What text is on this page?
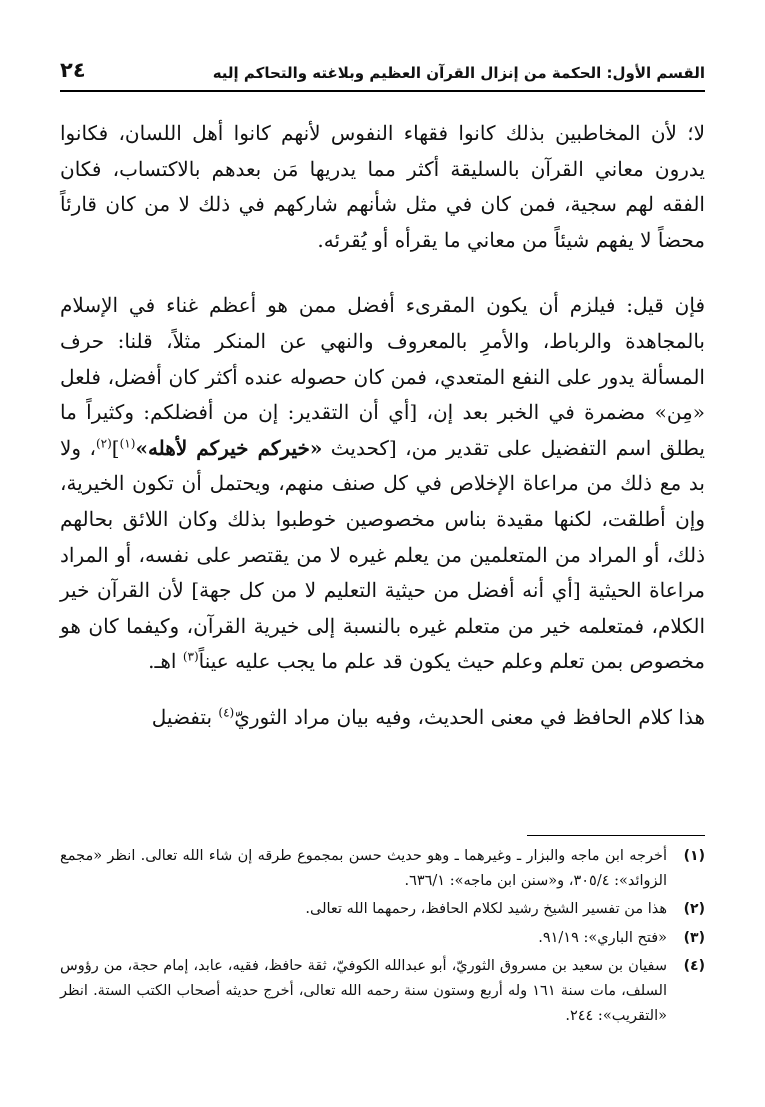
القسم الأول: الحكمة من إنزال القرآن العظيم وبلاغته والتحاكم إليه
٢٤

لا؛ لأن المخاطبين بذلك كانوا فقهاء النفوس لأنهم كانوا أهل اللسان، فكانوا يدرون معاني القرآن بالسليقة أكثر مما يدريها مَن بعدهم بالاكتساب، فكان الفقه لهم سجية، فمن كان في مثل شأنهم شاركهم في ذلك لا من كان قارئاً محضاً لا يفهم شيئاً من معاني ما يقرأه أو يُقرئه.

فإن قيل: فيلزم أن يكون المقرىء أفضل ممن هو أعظم غناء في الإسلام بالمجاهدة والرباط، والأمرِ بالمعروف والنهي عن المنكر مثلاً، قلنا: حرف المسألة يدور على النفع المتعدي، فمن كان حصوله عنده أكثر كان أفضل، فلعل «مِن» مضمرة في الخبر بعد إن، [أي أن التقدير: إن من أفضلكم: وكثيراً ما يطلق اسم التفضيل على تقدير من، [كحديث «خيركم خيركم لأهله»$^{(١)}$]$^{(٢)}$، ولا بد مع ذلك من مراعاة الإخلاص في كل صنف منهم، ويحتمل أن تكون الخيرية، وإن أطلقت، لكنها مقيدة بناس مخصوصين خوطبوا بذلك وكان اللائق بحالهم ذلك، أو المراد من المتعلمين من يعلم غيره لا من يقتصر على نفسه، أو المراد مراعاة الحيثية [أي أنه أفضل من حيثية التعليم لا من كل جهة] لأن القرآن خير الكلام، فمتعلمه خير من متعلم غيره بالنسبة إلى خيرية القرآن، وكيفما كان هو مخصوص بمن تعلم وعلم حيث يكون قد علم ما يجب عليه عيناً$^{(٣)}$ اهـ.

هذا كلام الحافظ في معنى الحديث، وفيه بيان مراد الثوريّ$^{(٤)}$ بتفضيل

(١)
أخرجه ابن ماجه والبزار ـ وغيرهما ـ وهو حديث حسن بمجموع طرقه إن شاء الله تعالى. انظر «مجمع الزوائد»: ٣٠٥/٤، و«سنن ابن ماجه»: ٦٣٦/١.
(٢)
هذا من تفسير الشيخ رشيد لكلام الحافظ، رحمهما الله تعالى.
(٣)
«فتح الباري»: ٩١/١٩.
(٤)
سفيان بن سعيد بن مسروق الثوريّ، أبو عبدالله الكوفيّ، ثقة حافظ، فقيه، عابد، إمام حجة، من رؤوس السلف، مات سنة ١٦١ وله أربع وستون سنة رحمه الله تعالى، أخرج حديثه أصحاب الكتب الستة. انظر «التقريب»: ٢٤٤.
